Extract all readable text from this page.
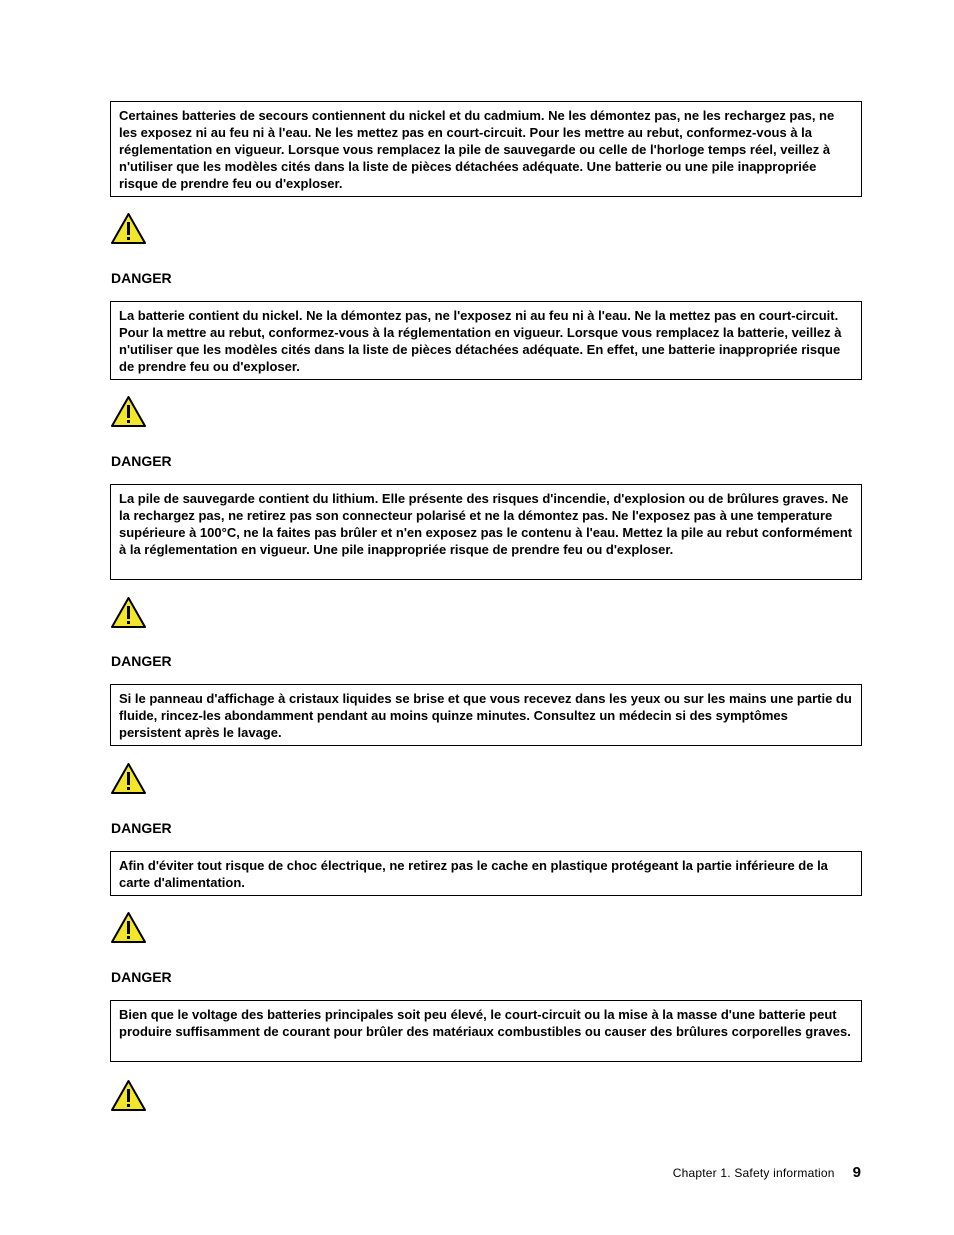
Certaines batteries de secours contiennent du nickel et du cadmium. Ne les démontez pas, ne les rechargez pas, ne les exposez ni au feu ni à l'eau. Ne les mettez pas en court-circuit. Pour les mettre au rebut, conformez-vous à la réglementation en vigueur. Lorsque vous remplacez la pile de sauvegarde ou celle de l'horloge temps réel, veillez à n'utiliser que les modèles cités dans la liste de pièces détachées adéquate. Une batterie ou une pile inappropriée risque de prendre feu ou d'exploser.

DANGER

La batterie contient du nickel. Ne la démontez pas, ne l'exposez ni au feu ni à l'eau. Ne la mettez pas en court-circuit. Pour la mettre au rebut, conformez-vous à la réglementation en vigueur. Lorsque vous remplacez la batterie, veillez à n'utiliser que les modèles cités dans la liste de pièces détachées adéquate. En effet, une batterie inappropriée risque de prendre feu ou d'exploser.

DANGER

La pile de sauvegarde contient du lithium. Elle présente des risques d'incendie, d'explosion ou de brûlures graves. Ne la rechargez pas, ne retirez pas son connecteur polarisé et ne la démontez pas. Ne l'exposez pas à une temperature supérieure à 100°C, ne la faites pas brûler et n'en exposez pas le contenu à l'eau. Mettez la pile au rebut conformément à la réglementation en vigueur. Une pile inappropriée risque de prendre feu ou d'exploser.

DANGER

Si le panneau d'affichage à cristaux liquides se brise et que vous recevez dans les yeux ou sur les mains une partie du fluide, rincez-les abondamment pendant au moins quinze minutes. Consultez un médecin si des symptômes persistent après le lavage.

DANGER

Afin d'éviter tout risque de choc électrique, ne retirez pas le cache en plastique protégeant la partie inférieure de la carte d'alimentation.

DANGER

Bien que le voltage des batteries principales soit peu élevé, le court-circuit ou la mise à la masse d'une batterie peut produire suffisamment de courant pour brûler des matériaux combustibles ou causer des brûlures corporelles graves.

Chapter 1. Safety information 9
